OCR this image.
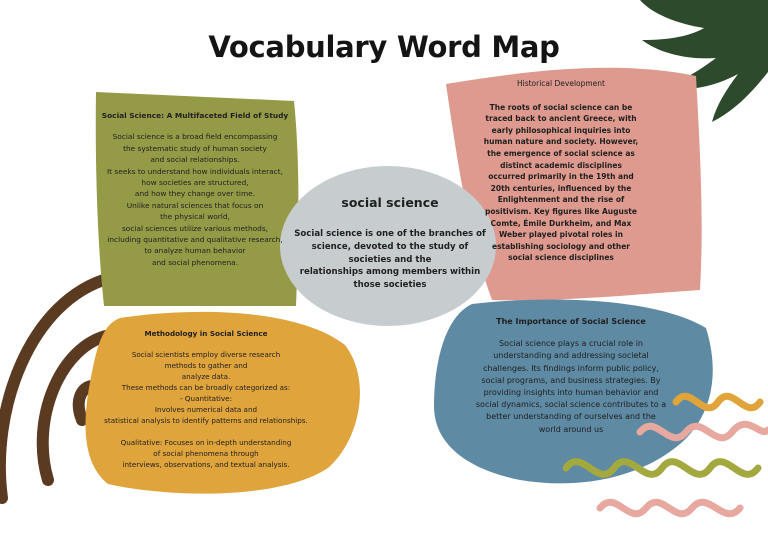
Vocabulary Word Map
Social Science: A Multifaceted Field of Study

Social science is a broad field encompassing
the systematic study of human society
and social relationships.
It seeks to understand how individuals interact,
how societies are structured,
and how they change over time.
Unlike natural sciences that focus on
the physical world,
social sciences utilize various methods,
including quantitative and qualitative research,
to analyze human behavior
and social phenomena.

Historical Development

The roots of social science can be
traced back to ancient Greece, with
early philosophical inquiries into
human nature and society. However,
the emergence of social science as
distinct academic disciplines
occurred primarily in the 19th and
20th centuries, influenced by the
Enlightenment and the rise of
positivism. Key figures like Auguste
Comte, Émile Durkheim, and Max
Weber played pivotal roles in
establishing sociology and other
social science disciplines

social science
Social science is one of the branches of
science, devoted to the study of
societies and the
relationships among members within
those societies
Methodology in Social Science

Social scientists employ diverse research
methods to gather and
analyze data.
These methods can be broadly categorized as:
- Quantitative:
Involves numerical data and
statistical analysis to identify patterns and relationships.

Qualitative: Focuses on in-depth understanding
of social phenomena through
interviews, observations, and textual analysis.

The Importance of Social Science

Social science plays a crucial role in
understanding and addressing societal
challenges. Its findings inform public policy,
social programs, and business strategies. By
providing insights into human behavior and
social dynamics, social science contributes to a
better understanding of ourselves and the
world around us
